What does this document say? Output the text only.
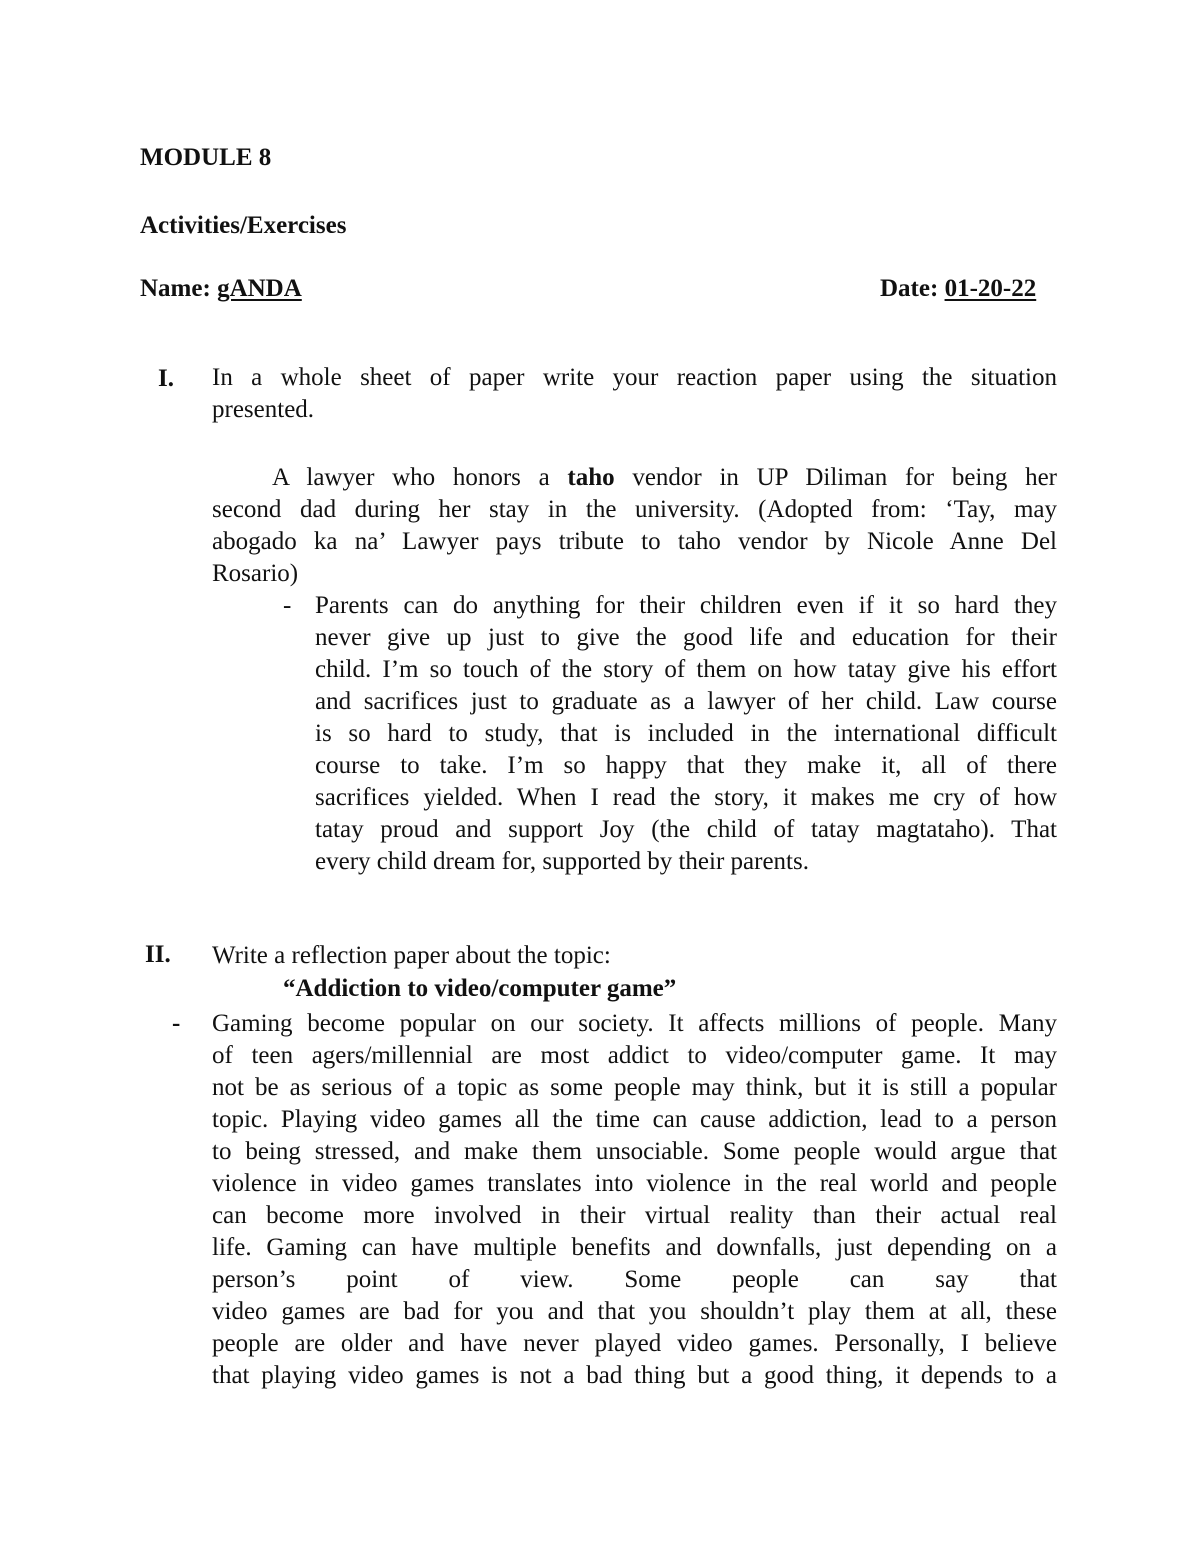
MODULE 8
Activities/Exercises
Name: gANDA	Date: 01-20-22
I. In a whole sheet of paper write your reaction paper using the situation
presented.
A lawyer who honors a taho vendor in UP Diliman for being her
second dad during her stay in the university. (Adopted from: ‘Tay, may
abogado ka na’ Lawyer pays tribute to taho vendor by Nicole Anne Del
Rosario)
- Parents can do anything for their children even if it so hard they
never give up just to give the good life and education for their
child. I’m so touch of the story of them on how tatay give his effort
and sacrifices just to graduate as a lawyer of her child. Law course
is so hard to study, that is included in the international difficult
course to take. I’m so happy that they make it, all of there
sacrifices yielded. When I read the story, it makes me cry of how
tatay proud and support Joy (the child of tatay magtataho). That
every child dream for, supported by their parents.
II. Write a reflection paper about the topic:
“Addiction to video/computer game”
- Gaming become popular on our society. It affects millions of people. Many
of teen agers/millennial are most addict to video/computer game. It may
not be as serious of a topic as some people may think, but it is still a popular
topic. Playing video games all the time can cause addiction, lead to a person
to being stressed, and make them unsociable. Some people would argue that
violence in video games translates into violence in the real world and people
can become more involved in their virtual reality than their actual real
life. Gaming can have multiple benefits and downfalls, just depending on a
person’s point of view. Some people can say that
video games are bad for you and that you shouldn’t play them at all, these
people are older and have never played video games. Personally, I believe
that playing video games is not a bad thing but a good thing, it depends to a
